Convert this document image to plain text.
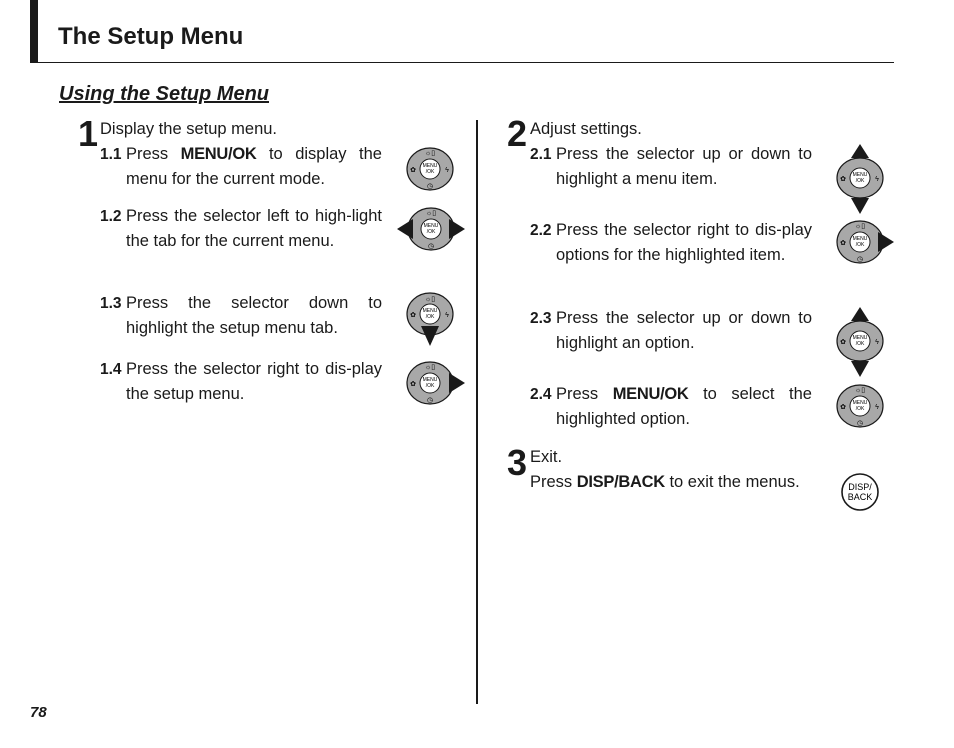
The Setup Menu
Using the Setup Menu
1 Display the setup menu.
1.1 Press MENU/OK to display the
menu for the current mode.
1.2 Press the selector left to high-light the tab for the current menu.
1.3 Press the selector down to highlight the setup menu tab.
1.4 Press the selector right to dis-play the setup menu.
2 Adjust settings.
2.1 Press the selector up or down to highlight a menu item.
2.2 Press the selector right to dis-play options for the highlighted item.
2.3 Press the selector up or down to highlight an option.
2.4 Press MENU/OK to select the
highlighted option.
3 Exit.
Press DISP/BACK to exit the menus.
MENU
/OK
☼▯
✿	ϟ
◷
MENU
/OK
☼▯
◷
MENU
/OK
☼▯
✿	ϟ
MENU
/OK
☼▯
✿
◷
MENU
/OK
✿	ϟ
MENU
/OK
☼▯
✿
◷
MENU
/OK
✿	ϟ
MENU
/OK
☼▯
✿	ϟ
◷
DISP/
BACK
78
